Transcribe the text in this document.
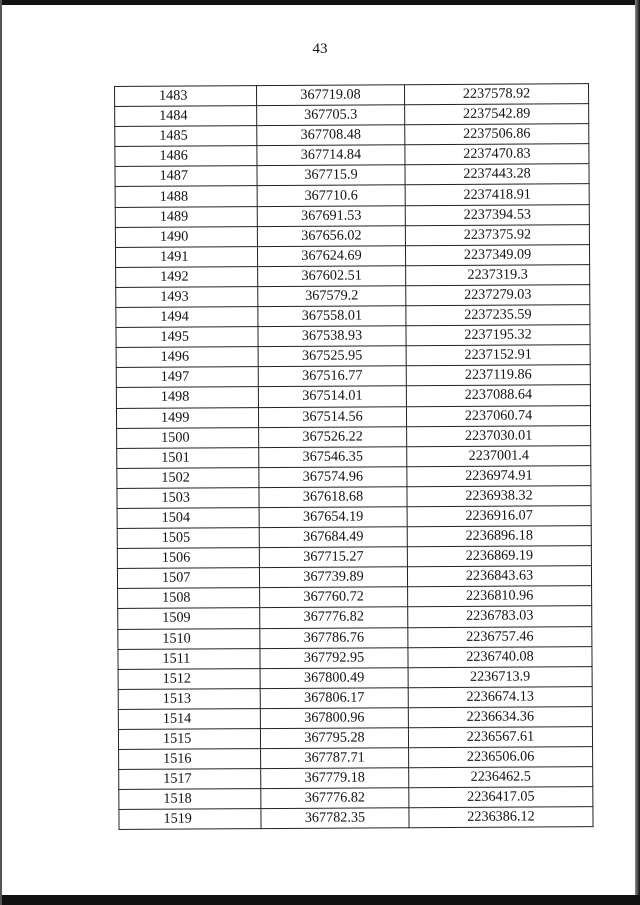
43
1483	367719.08	2237578.92
1484	367705.3	2237542.89
1485	367708.48	2237506.86
1486	367714.84	2237470.83
1487	367715.9	2237443.28
1488	367710.6	2237418.91
1489	367691.53	2237394.53
1490	367656.02	2237375.92
1491	367624.69	2237349.09
1492	367602.51	2237319.3
1493	367579.2	2237279.03
1494	367558.01	2237235.59
1495	367538.93	2237195.32
1496	367525.95	2237152.91
1497	367516.77	2237119.86
1498	367514.01	2237088.64
1499	367514.56	2237060.74
1500	367526.22	2237030.01
1501	367546.35	2237001.4
1502	367574.96	2236974.91
1503	367618.68	2236938.32
1504	367654.19	2236916.07
1505	367684.49	2236896.18
1506	367715.27	2236869.19
1507	367739.89	2236843.63
1508	367760.72	2236810.96
1509	367776.82	2236783.03
1510	367786.76	2236757.46
1511	367792.95	2236740.08
1512	367800.49	2236713.9
1513	367806.17	2236674.13
1514	367800.96	2236634.36
1515	367795.28	2236567.61
1516	367787.71	2236506.06
1517	367779.18	2236462.5
1518	367776.82	2236417.05
1519	367782.35	2236386.12
